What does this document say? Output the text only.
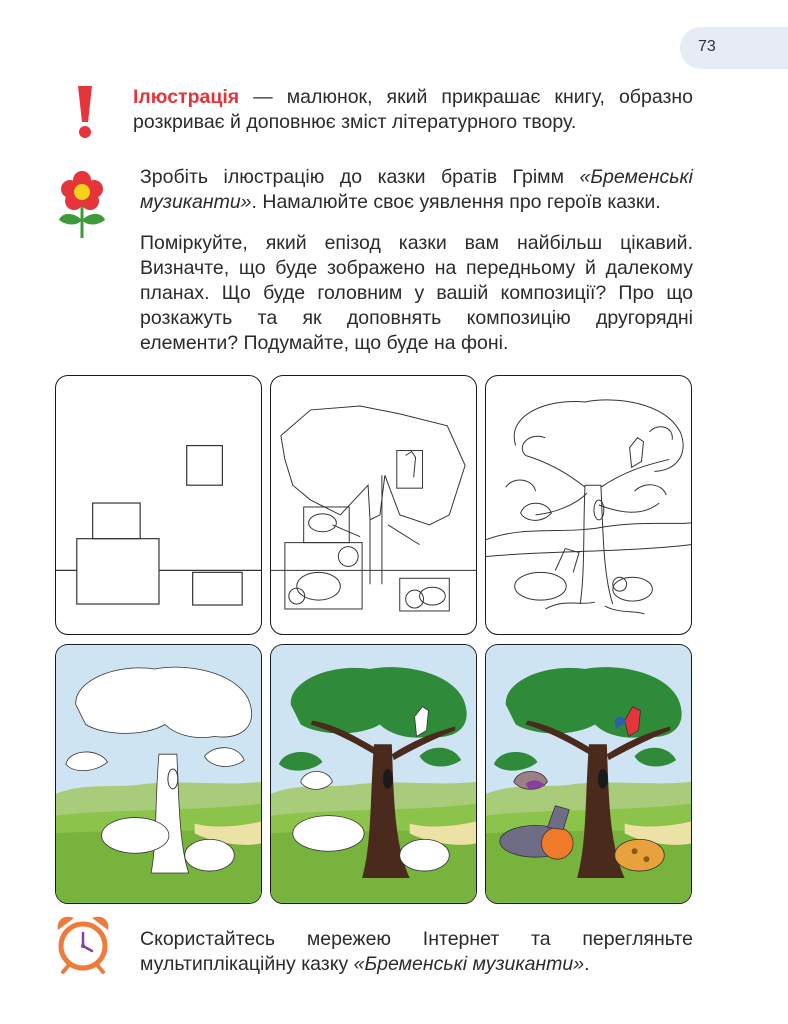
73
Ілюстрація — малюнок, який прикрашає книгу, образно розкриває й доповнює зміст літературного твору.
Зробіть ілюстрацію до казки братів Грімм «Бременські музиканти». Намалюйте своє уявлення про героїв казки.
Поміркуйте, який епізод казки вам найбільш цікавий. Визначте, що буде зображено на передньому й далекому планах. Що буде головним у вашій композиції? Про що розкажуть та як доповнять композицію другорядні елементи? Подумайте, що буде на фоні.
Скористайтесь мережею Інтернет та перегляньте мультиплікаційну казку «Бременські музиканти».
